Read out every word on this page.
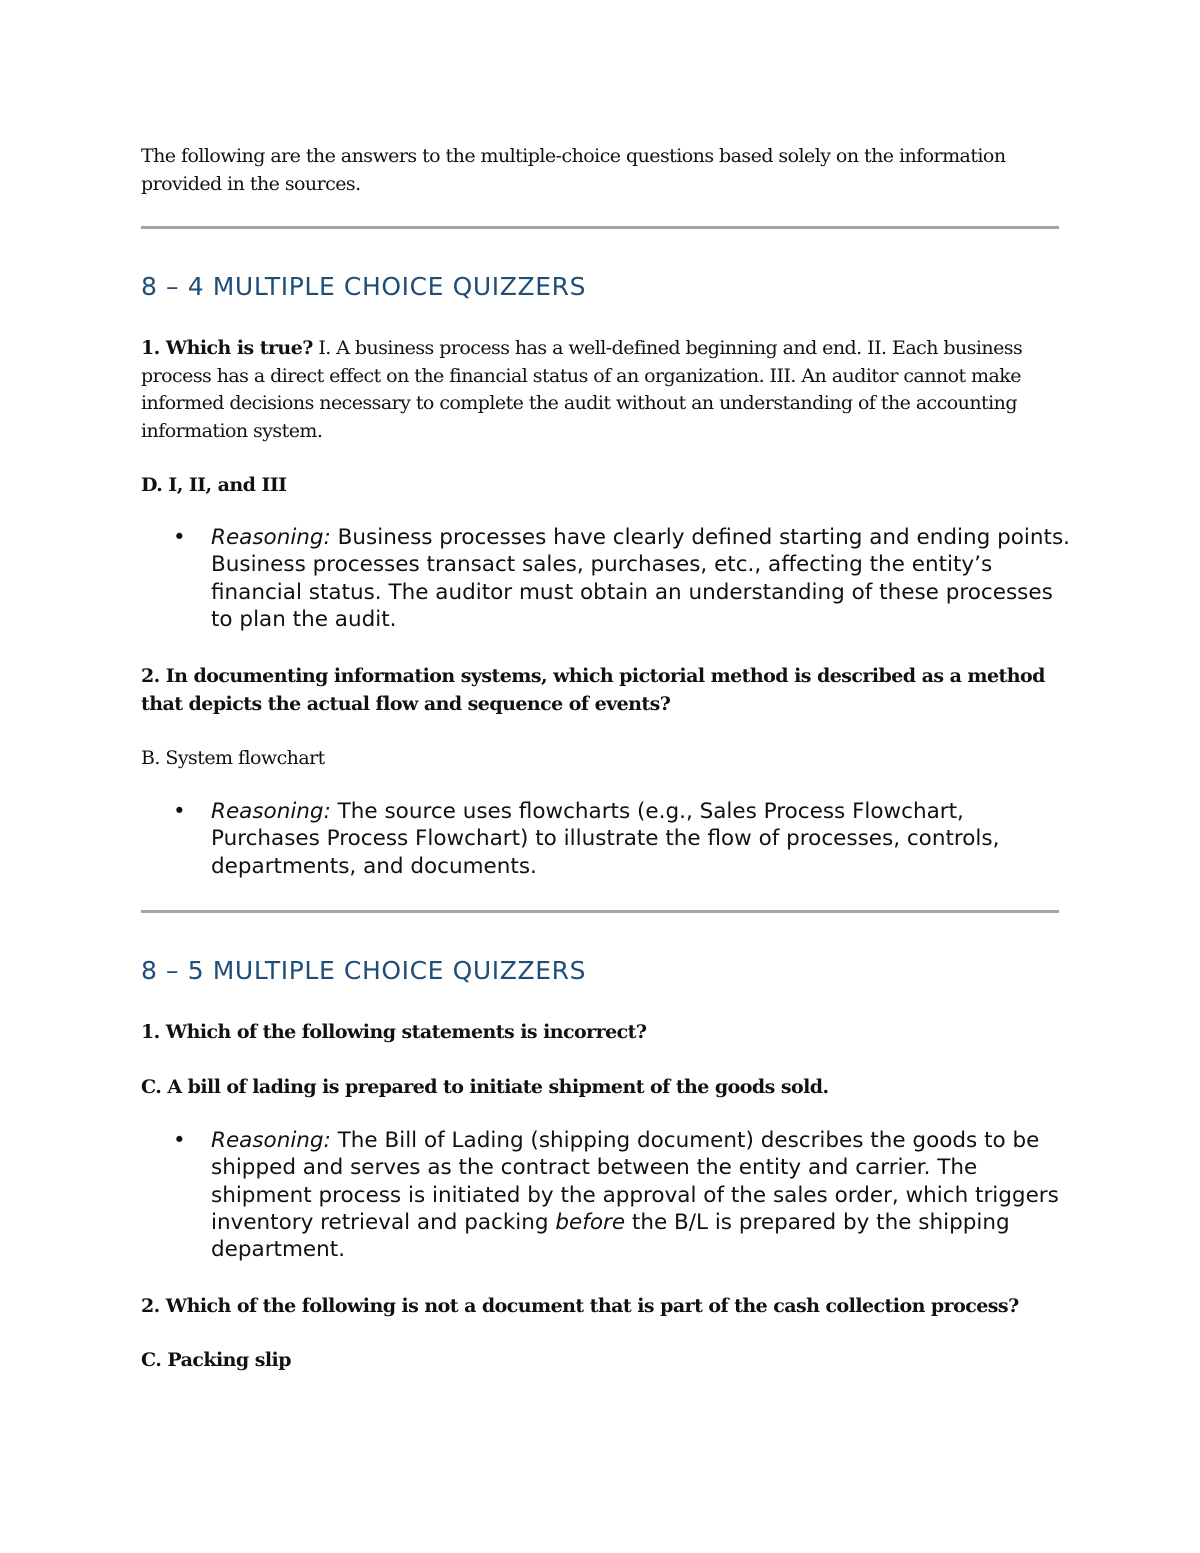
The following are the answers to the multiple-choice questions based solely on the information provided in the sources.

8 – 4 MULTIPLE CHOICE QUIZZERS

1. Which is true? I. A business process has a well-defined beginning and end. II. Each business process has a direct effect on the financial status of an organization. III. An auditor cannot make informed decisions necessary to complete the audit without an understanding of the accounting information system.

D. I, II, and III

• Reasoning: Business processes have clearly defined starting and ending points. Business processes transact sales, purchases, etc., affecting the entity’s financial status. The auditor must obtain an understanding of these processes to plan the audit.

2. In documenting information systems, which pictorial method is described as a method that depicts the actual flow and sequence of events?

B. System flowchart

• Reasoning: The source uses flowcharts (e.g., Sales Process Flowchart, Purchases Process Flowchart) to illustrate the flow of processes, controls, departments, and documents.
8 – 5 MULTIPLE CHOICE QUIZZERS

1. Which of the following statements is incorrect?

C. A bill of lading is prepared to initiate shipment of the goods sold.

• Reasoning: The Bill of Lading (shipping document) describes the goods to be shipped and serves as the contract between the entity and carrier. The shipment process is initiated by the approval of the sales order, which triggers inventory retrieval and packing before the B/L is prepared by the shipping department.

2. Which of the following is not a document that is part of the cash collection process?

C. Packing slip
